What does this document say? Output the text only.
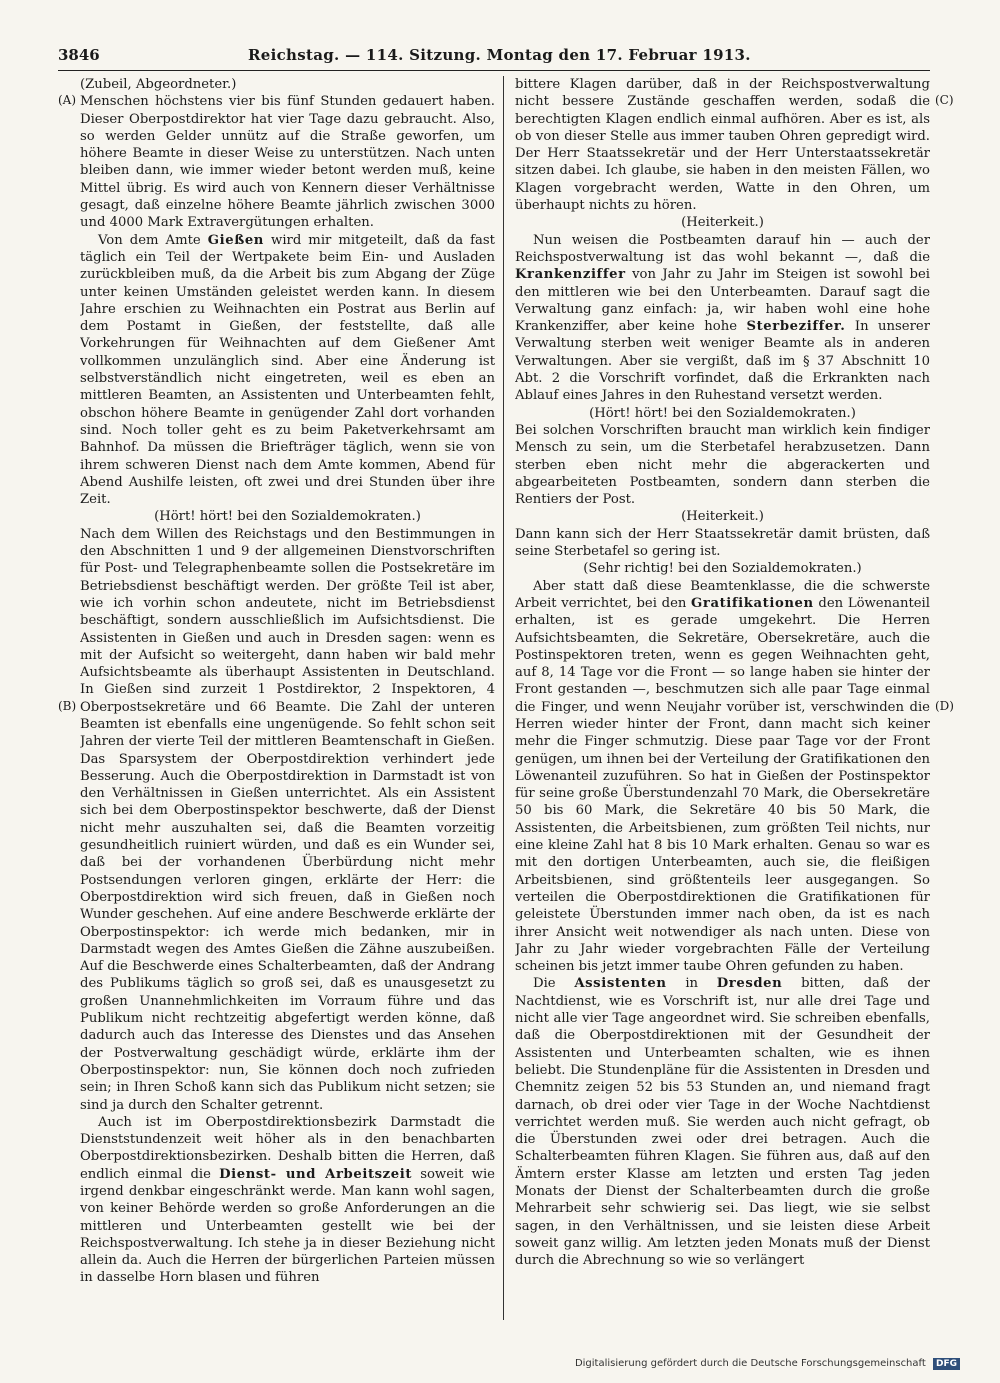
3846	Reichstag. — 114. Sitzung. Montag den 17. Februar 1913.
(A)
(B)
(C)
(D)

(Zubeil, Abgeordneter.)

Menschen höchstens vier bis fünf Stunden gedauert haben. Dieser Oberpostdirektor hat vier Tage dazu gebraucht. Also, so werden Gelder unnütz auf die Straße geworfen, um höhere Beamte in dieser Weise zu unterstützen. Nach unten bleiben dann, wie immer wieder betont werden muß, keine Mittel übrig. Es wird auch von Kennern dieser Verhältnisse gesagt, daß einzelne höhere Beamte jährlich zwischen 3000 und 4000 Mark Extravergütungen erhalten.

Von dem Amte Gießen wird mir mitgeteilt, daß da fast täglich ein Teil der Wertpakete beim Ein- und Ausladen zurückbleiben muß, da die Arbeit bis zum Abgang der Züge unter keinen Umständen geleistet werden kann. In diesem Jahre erschien zu Weihnachten ein Postrat aus Berlin auf dem Postamt in Gießen, der feststellte, daß alle Vorkehrungen für Weihnachten auf dem Gießener Amt vollkommen unzulänglich sind. Aber eine Änderung ist selbstverständlich nicht eingetreten, weil es eben an mittleren Beamten, an Assistenten und Unterbeamten fehlt, obschon höhere Beamte in genügender Zahl dort vorhanden sind. Noch toller geht es zu beim Paketverkehrsamt am Bahnhof. Da müssen die Briefträger täglich, wenn sie von ihrem schweren Dienst nach dem Amte kommen, Abend für Abend Aushilfe leisten, oft zwei und drei Stunden über ihre Zeit.

(Hört! hört! bei den Sozialdemokraten.)

Nach dem Willen des Reichstags und den Bestimmungen in den Abschnitten 1 und 9 der allgemeinen Dienstvorschriften für Post- und Telegraphenbeamte sollen die Postsekretäre im Betriebsdienst beschäftigt werden. Der größte Teil ist aber, wie ich vorhin schon andeutete, nicht im Betriebsdienst beschäftigt, sondern ausschließlich im Aufsichtsdienst. Die Assistenten in Gießen und auch in Dresden sagen: wenn es mit der Aufsicht so weitergeht, dann haben wir bald mehr Aufsichtsbeamte als überhaupt Assistenten in Deutschland. In Gießen sind zurzeit 1 Postdirektor, 2 Inspektoren, 4 Oberpostsekretäre und 66 Beamte. Die Zahl der unteren Beamten ist ebenfalls eine ungenügende. So fehlt schon seit Jahren der vierte Teil der mittleren Beamtenschaft in Gießen. Das Sparsystem der Oberpostdirektion verhindert jede Besserung. Auch die Oberpostdirektion in Darmstadt ist von den Verhältnissen in Gießen unterrichtet. Als ein Assistent sich bei dem Oberpostinspektor beschwerte, daß der Dienst nicht mehr auszuhalten sei, daß die Beamten vorzeitig gesundheitlich ruiniert würden, und daß es ein Wunder sei, daß bei der vorhandenen Überbürdung nicht mehr Postsendungen verloren gingen, erklärte der Herr: die Oberpostdirektion wird sich freuen, daß in Gießen noch Wunder geschehen. Auf eine andere Beschwerde erklärte der Oberpostinspektor: ich werde mich bedanken, mir in Darmstadt wegen des Amtes Gießen die Zähne auszubeißen. Auf die Beschwerde eines Schalterbeamten, daß der Andrang des Publikums täglich so groß sei, daß es unausgesetzt zu großen Unannehmlichkeiten im Vorraum führe und das Publikum nicht rechtzeitig abgefertigt werden könne, daß dadurch auch das Interesse des Dienstes und das Ansehen der Postverwaltung geschädigt würde, erklärte ihm der Oberpostinspektor: nun, Sie können doch noch zufrieden sein; in Ihren Schoß kann sich das Publikum nicht setzen; sie sind ja durch den Schalter getrennt.

Auch ist im Oberpostdirektionsbezirk Darmstadt die Dienststundenzeit weit höher als in den benachbarten Oberpostdirektionsbezirken. Deshalb bitten die Herren, daß endlich einmal die Dienst- und Arbeitszeit soweit wie irgend denkbar eingeschränkt werde. Man kann wohl sagen, von keiner Behörde werden so große Anforderungen an die mittleren und Unterbeamten gestellt wie bei der Reichspostverwaltung. Ich stehe ja in dieser Beziehung nicht allein da. Auch die Herren der bürgerlichen Parteien müssen in dasselbe Horn blasen und führen

bittere Klagen darüber, daß in der Reichspostverwaltung nicht bessere Zustände geschaffen werden, sodaß die berechtigten Klagen endlich einmal aufhören. Aber es ist, als ob von dieser Stelle aus immer tauben Ohren gepredigt wird. Der Herr Staatssekretär und der Herr Unterstaatssekretär sitzen dabei. Ich glaube, sie haben in den meisten Fällen, wo Klagen vorgebracht werden, Watte in den Ohren, um überhaupt nichts zu hören.

(Heiterkeit.)

Nun weisen die Postbeamten darauf hin — auch der Reichspostverwaltung ist das wohl bekannt —, daß die Krankenziffer von Jahr zu Jahr im Steigen ist sowohl bei den mittleren wie bei den Unterbeamten. Darauf sagt die Verwaltung ganz einfach: ja, wir haben wohl eine hohe Krankenziffer, aber keine hohe Sterbeziffer. In unserer Verwaltung sterben weit weniger Beamte als in anderen Verwaltungen. Aber sie vergißt, daß im § 37 Abschnitt 10 Abt. 2 die Vorschrift vorfindet, daß die Erkrankten nach Ablauf eines Jahres in den Ruhestand versetzt werden.

(Hört! hört! bei den Sozialdemokraten.)

Bei solchen Vorschriften braucht man wirklich kein findiger Mensch zu sein, um die Sterbetafel herabzusetzen. Dann sterben eben nicht mehr die abgerackerten und abgearbeiteten Postbeamten, sondern dann sterben die Rentiers der Post.

(Heiterkeit.)

Dann kann sich der Herr Staatssekretär damit brüsten, daß seine Sterbetafel so gering ist.

(Sehr richtig! bei den Sozialdemokraten.)

Aber statt daß diese Beamtenklasse, die die schwerste Arbeit verrichtet, bei den Gratifikationen den Löwenanteil erhalten, ist es gerade umgekehrt. Die Herren Aufsichtsbeamten, die Sekretäre, Obersekretäre, auch die Postinspektoren treten, wenn es gegen Weihnachten geht, auf 8, 14 Tage vor die Front — so lange haben sie hinter der Front gestanden —, beschmutzen sich alle paar Tage einmal die Finger, und wenn Neujahr vorüber ist, verschwinden die Herren wieder hinter der Front, dann macht sich keiner mehr die Finger schmutzig. Diese paar Tage vor der Front genügen, um ihnen bei der Verteilung der Gratifikationen den Löwenanteil zuzuführen. So hat in Gießen der Postinspektor für seine große Überstundenzahl 70 Mark, die Obersekretäre 50 bis 60 Mark, die Sekretäre 40 bis 50 Mark, die Assistenten, die Arbeitsbienen, zum größten Teil nichts, nur eine kleine Zahl hat 8 bis 10 Mark erhalten. Genau so war es mit den dortigen Unterbeamten, auch sie, die fleißigen Arbeitsbienen, sind größtenteils leer ausgegangen. So verteilen die Oberpostdirektionen die Gratifikationen für geleistete Überstunden immer nach oben, da ist es nach ihrer Ansicht weit notwendiger als nach unten. Diese von Jahr zu Jahr wieder vorgebrachten Fälle der Verteilung scheinen bis jetzt immer taube Ohren gefunden zu haben.

Die Assistenten in Dresden bitten, daß der Nachtdienst, wie es Vorschrift ist, nur alle drei Tage und nicht alle vier Tage angeordnet wird. Sie schreiben ebenfalls, daß die Oberpostdirektionen mit der Gesundheit der Assistenten und Unterbeamten schalten, wie es ihnen beliebt. Die Stundenpläne für die Assistenten in Dresden und Chemnitz zeigen 52 bis 53 Stunden an, und niemand fragt darnach, ob drei oder vier Tage in der Woche Nachtdienst verrichtet werden muß. Sie werden auch nicht gefragt, ob die Überstunden zwei oder drei betragen. Auch die Schalterbeamten führen Klagen. Sie führen aus, daß auf den Ämtern erster Klasse am letzten und ersten Tag jeden Monats der Dienst der Schalterbeamten durch die große Mehrarbeit sehr schwierig sei. Das liegt, wie sie selbst sagen, in den Verhältnissen, und sie leisten diese Arbeit soweit ganz willig. Am letzten jeden Monats muß der Dienst durch die Abrechnung so wie so verlängert

Digitalisierung gefördert durch die Deutsche Forschungsgemeinschaft DFG
